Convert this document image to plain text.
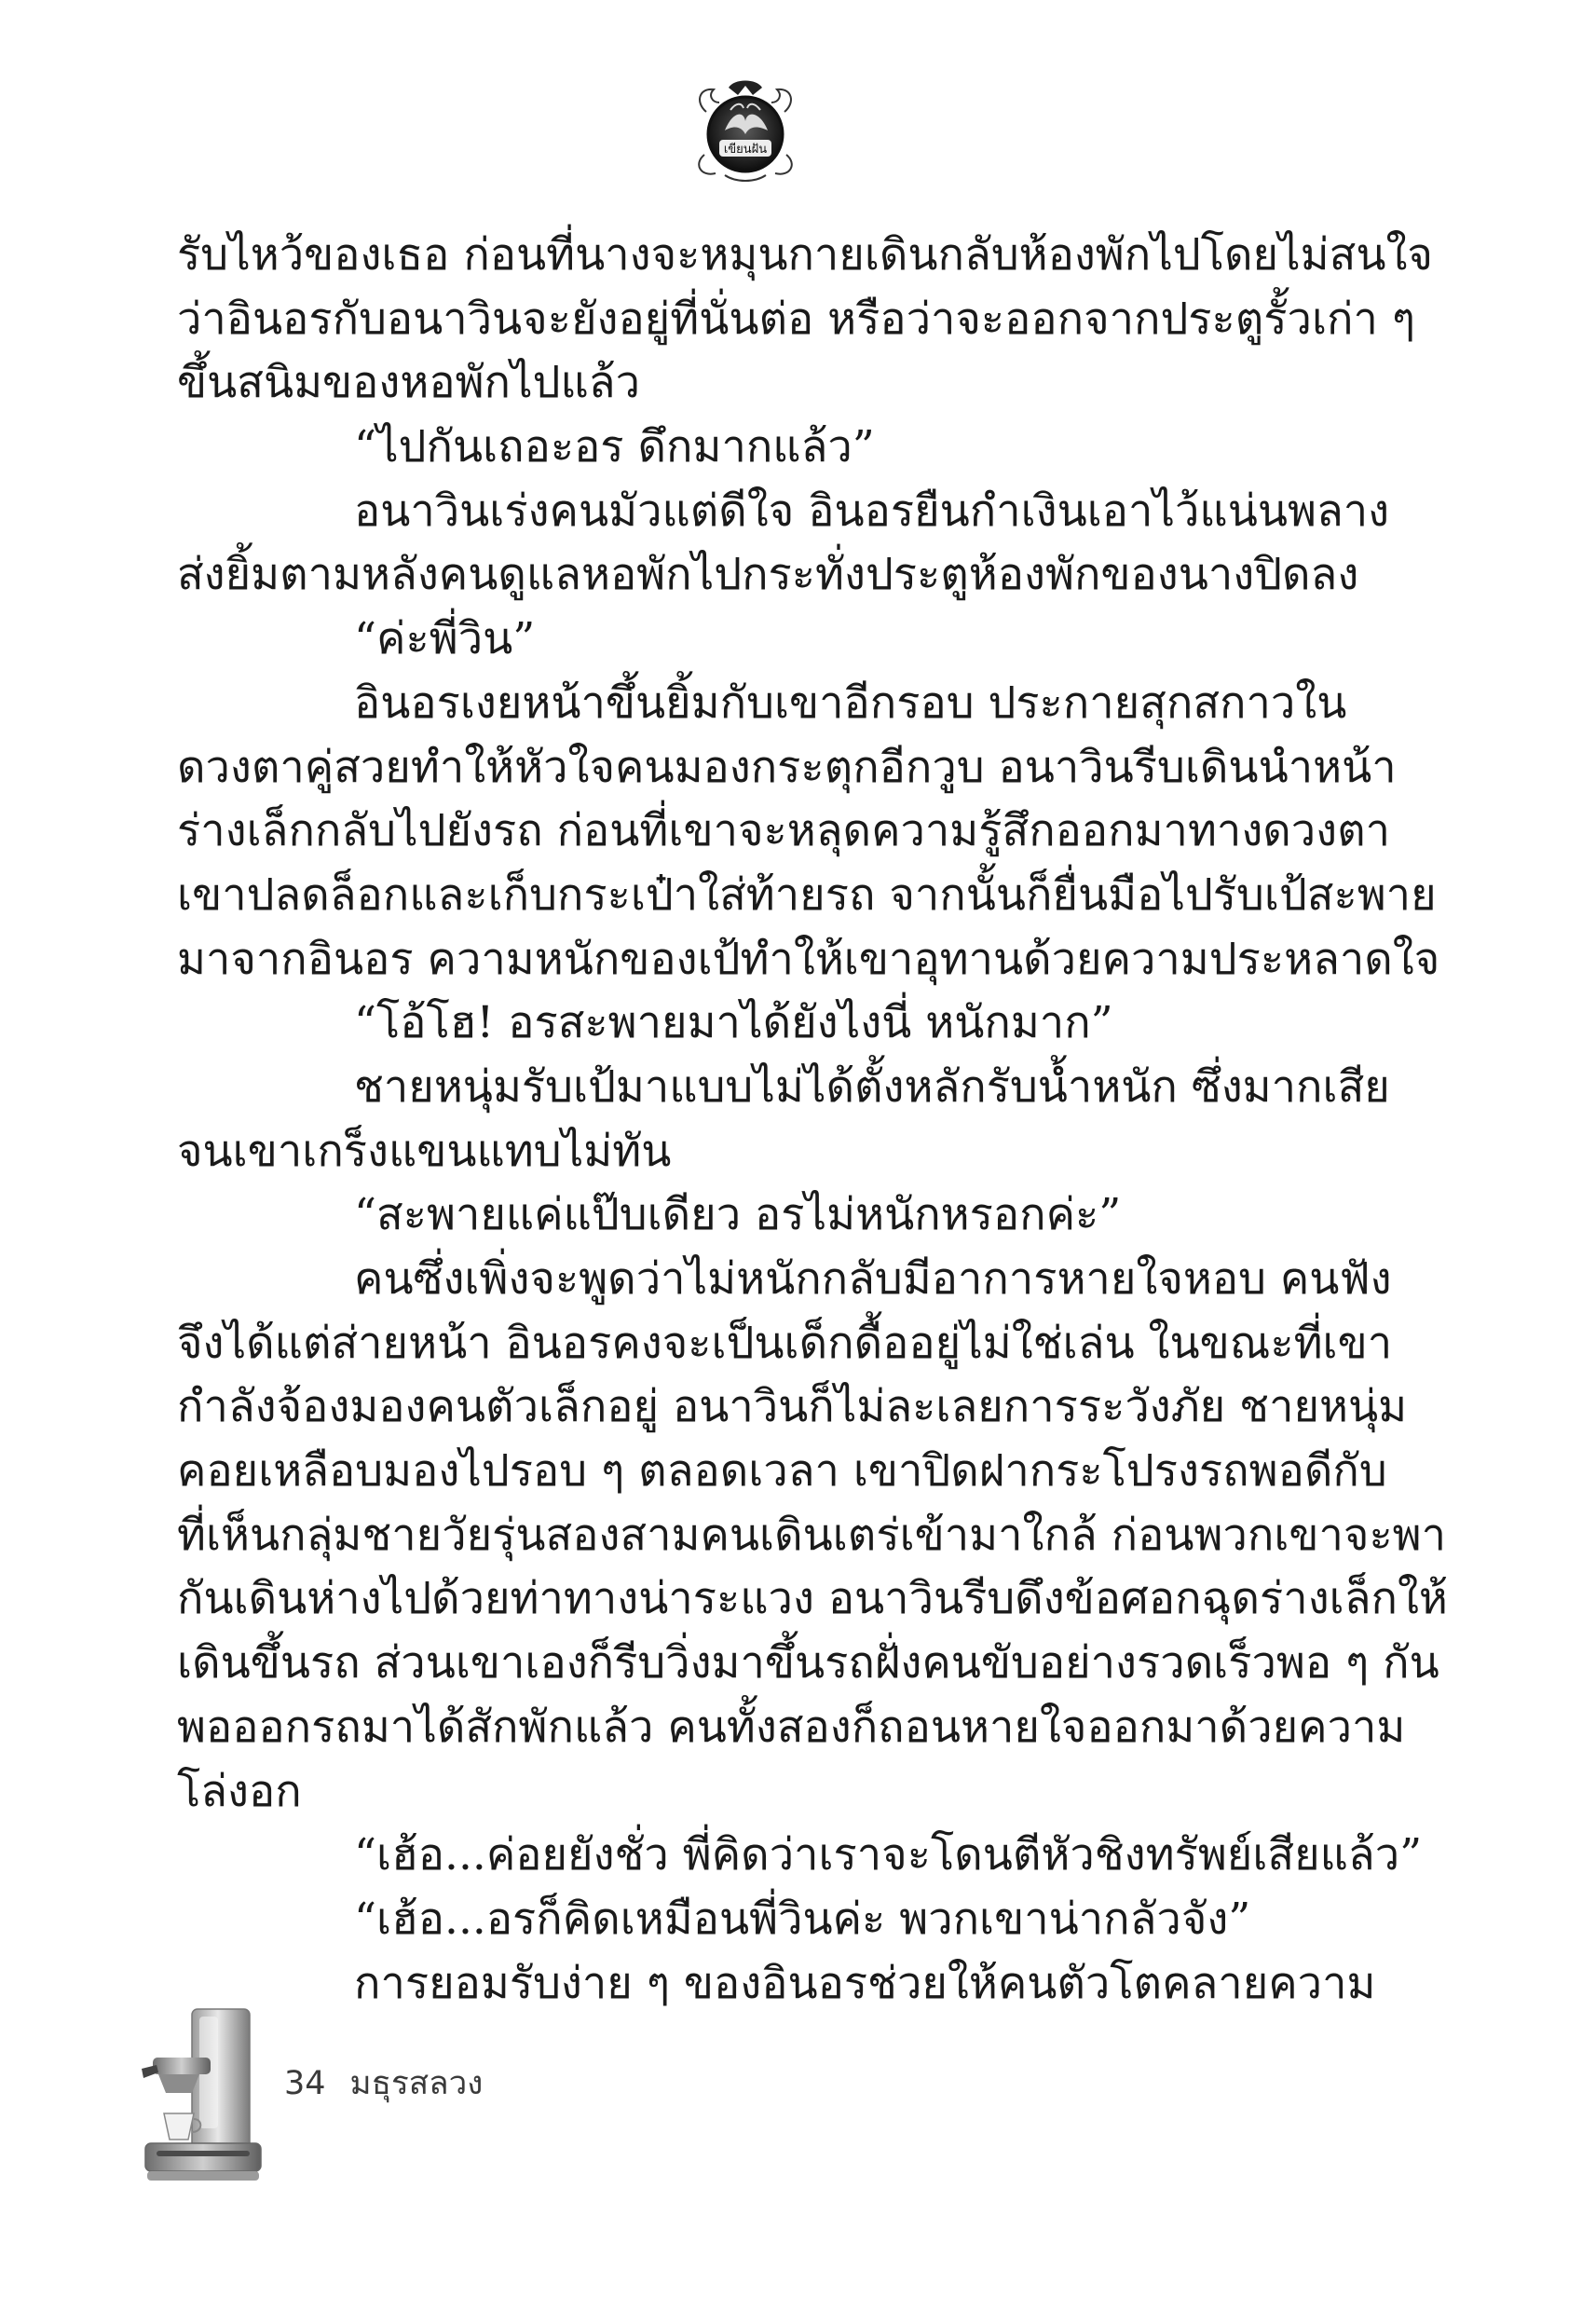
เขียนฝัน
รับไหว้ของเธอ ก่อนที่นางจะหมุนกายเดินกลับห้องพักไปโดยไม่สนใจ
ว่าอินอรกับอนาวินจะยังอยู่ที่นั่นต่อ หรือว่าจะออกจากประตูรั้วเก่า ๆ
ขึ้นสนิมของหอพักไปแล้ว
“ไปกันเถอะอร ดึกมากแล้ว”
อนาวินเร่งคนมัวแต่ดีใจ อินอรยืนกำเงินเอาไว้แน่นพลาง
ส่งยิ้มตามหลังคนดูแลหอพักไปกระทั่งประตูห้องพักของนางปิดลง
“ค่ะพี่วิน”
อินอรเงยหน้าขึ้นยิ้มกับเขาอีกรอบ ประกายสุกสกาวใน
ดวงตาคู่สวยทำให้หัวใจคนมองกระตุกอีกวูบ อนาวินรีบเดินนำหน้า
ร่างเล็กกลับไปยังรถ ก่อนที่เขาจะหลุดความรู้สึกออกมาทางดวงตา
เขาปลดล็อกและเก็บกระเป๋าใส่ท้ายรถ จากนั้นก็ยื่นมือไปรับเป้สะพาย
มาจากอินอร ความหนักของเป้ทำให้เขาอุทานด้วยความประหลาดใจ
“โอ้โฮ! อรสะพายมาได้ยังไงนี่ หนักมาก”
ชายหนุ่มรับเป้มาแบบไม่ได้ตั้งหลักรับน้ำหนัก ซึ่งมากเสีย
จนเขาเกร็งแขนแทบไม่ทัน
“สะพายแค่แป๊บเดียว อรไม่หนักหรอกค่ะ”
คนซึ่งเพิ่งจะพูดว่าไม่หนักกลับมีอาการหายใจหอบ คนฟัง
จึงได้แต่ส่ายหน้า อินอรคงจะเป็นเด็กดื้ออยู่ไม่ใช่เล่น ในขณะที่เขา
กำลังจ้องมองคนตัวเล็กอยู่ อนาวินก็ไม่ละเลยการระวังภัย ชายหนุ่ม
คอยเหลือบมองไปรอบ ๆ ตลอดเวลา เขาปิดฝากระโปรงรถพอดีกับ
ที่เห็นกลุ่มชายวัยรุ่นสองสามคนเดินเตร่เข้ามาใกล้ ก่อนพวกเขาจะพา
กันเดินห่างไปด้วยท่าทางน่าระแวง อนาวินรีบดึงข้อศอกฉุดร่างเล็กให้
เดินขึ้นรถ ส่วนเขาเองก็รีบวิ่งมาขึ้นรถฝั่งคนขับอย่างรวดเร็วพอ ๆ กัน
พอออกรถมาได้สักพักแล้ว คนทั้งสองก็ถอนหายใจออกมาด้วยความ
โล่งอก
“เฮ้อ...ค่อยยังชั่ว พี่คิดว่าเราจะโดนตีหัวชิงทรัพย์เสียแล้ว”
“เฮ้อ...อรก็คิดเหมือนพี่วินค่ะ พวกเขาน่ากลัวจัง”
การยอมรับง่าย ๆ ของอินอรช่วยให้คนตัวโตคลายความ
34 มธุรสลวง
